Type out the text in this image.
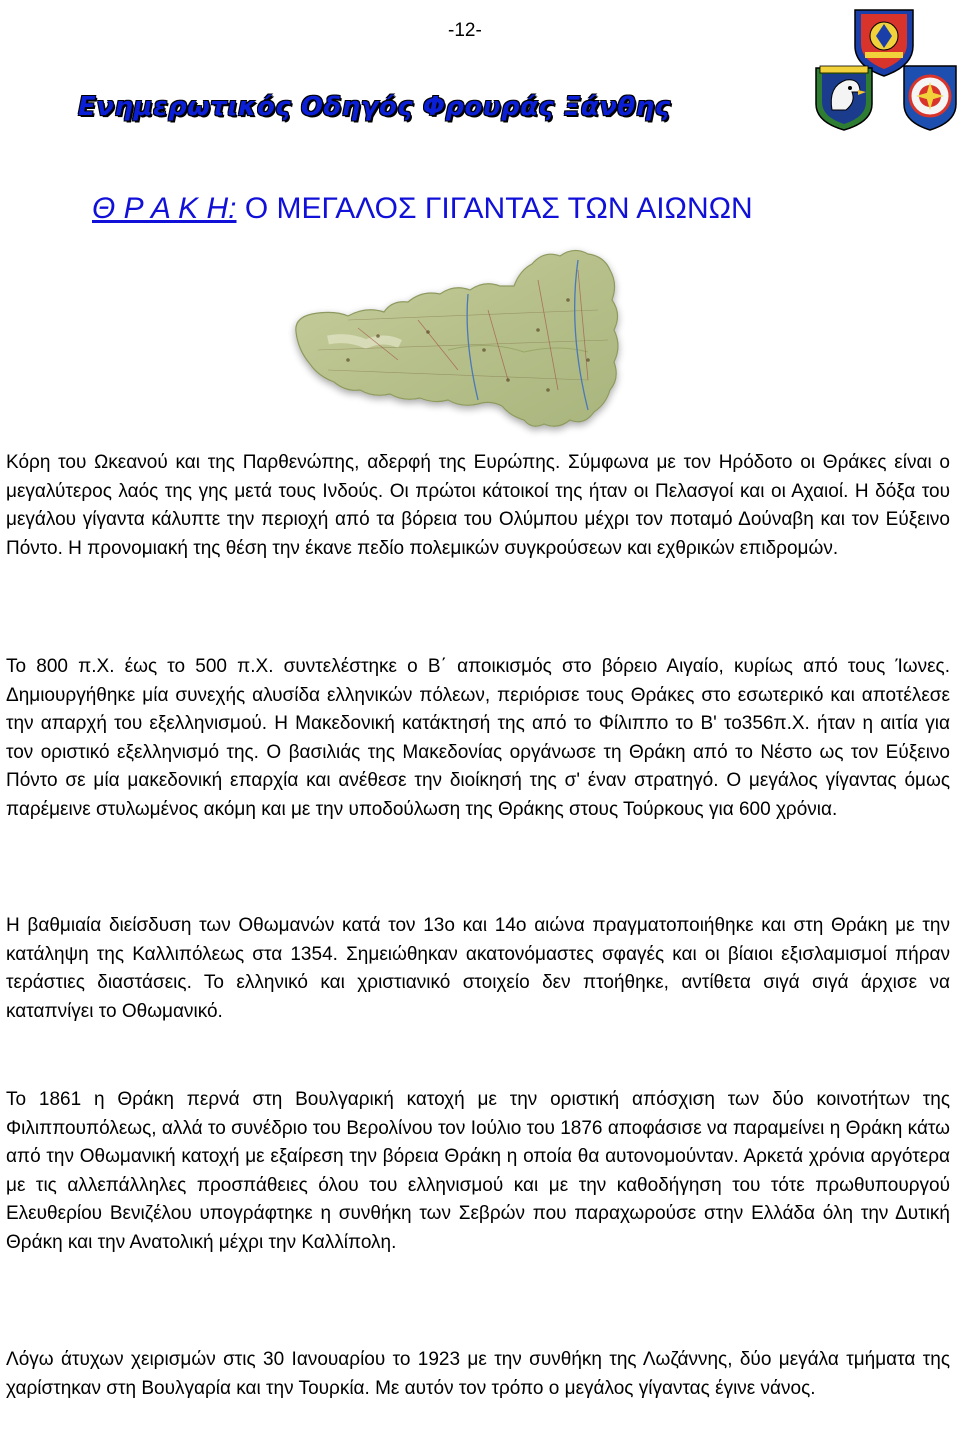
-12-
Ενημερωτικός Οδηγός Φρουράς Ξάνθης
Θ Ρ Α Κ Η: Ο ΜΕΓΑΛΟΣ ΓΙΓΑΝΤΑΣ ΤΩΝ ΑΙΩΝΩΝ
Κόρη του Ωκεανού και της Παρθενώπης, αδερφή της Ευρώπης. Σύμφωνα με τον Ηρόδοτο οι Θράκες είναι ο μεγαλύτερος λαός της γης μετά τους Ινδούς. Οι πρώτοι κάτοικοί της ήταν οι Πελασγοί και οι Αχαιοί. Η δόξα του μεγάλου γίγαντα κάλυπτε την περιοχή από τα βόρεια του Ολύμπου μέχρι τον ποταμό Δούναβη και τον Εύξεινο Πόντο. Η προνομιακή της θέση την έκανε πεδίο πολεμικών συγκρούσεων και εχθρικών επιδρομών.
Το 800 π.Χ. έως το 500 π.Χ. συντελέστηκε ο Β΄ αποικισμός στο βόρειο Αιγαίο, κυρίως από τους Ίωνες. Δημιουργήθηκε μία συνεχής αλυσίδα ελληνικών πόλεων, περιόρισε τους Θράκες στο εσωτερικό και αποτέλεσε την απαρχή του εξελληνισμού. Η Μακεδονική κατάκτησή της από το Φίλιππο το Β' το356π.Χ. ήταν η αιτία για τον οριστικό εξελληνισμό της. Ο βασιλιάς της Μακεδονίας οργάνωσε τη Θράκη από το Νέστο ως τον Εύξεινο Πόντο σε μία μακεδονική επαρχία και ανέθεσε την διοίκησή της σ' έναν στρατηγό. Ο μεγάλος γίγαντας όμως παρέμεινε στυλωμένος ακόμη και με την υποδούλωση της Θράκης στους Τούρκους για 600 χρόνια.
Η βαθμιαία διείσδυση των Οθωμανών κατά τον 13ο και 14ο αιώνα πραγματοποιήθηκε και στη Θράκη με την κατάληψη της Καλλιπόλεως στα 1354. Σημειώθηκαν ακατονόμαστες σφαγές και οι βίαιοι εξισλαμισμοί πήραν τεράστιες διαστάσεις. Το ελληνικό και χριστιανικό στοιχείο δεν πτοήθηκε, αντίθετα σιγά σιγά άρχισε να καταπνίγει το Οθωμανικό.
Το 1861 η Θράκη περνά στη Βουλγαρική κατοχή με την οριστική απόσχιση των δύο κοινοτήτων της Φιλιππουπόλεως, αλλά το συνέδριο του Βερολίνου τον Ιούλιο του 1876 αποφάσισε να παραμείνει η Θράκη κάτω από την Οθωμανική κατοχή με εξαίρεση την βόρεια Θράκη η οποία θα αυτονομούνταν. Αρκετά χρόνια αργότερα με τις αλλεπάλληλες προσπάθειες όλου του ελληνισμού και με την καθοδήγηση του τότε πρωθυπουργού Ελευθερίου Βενιζέλου υπογράφτηκε η συνθήκη των Σεβρών που παραχωρούσε στην Ελλάδα όλη την Δυτική Θράκη και την Ανατολική μέχρι την Καλλίπολη.
Λόγω άτυχων χειρισμών στις 30 Ιανουαρίου το 1923 με την συνθήκη της Λωζάννης, δύο μεγάλα τμήματα της χαρίστηκαν στη Βουλγαρία και την Τουρκία. Με αυτόν τον τρόπο ο μεγάλος γίγαντας έγινε νάνος.
